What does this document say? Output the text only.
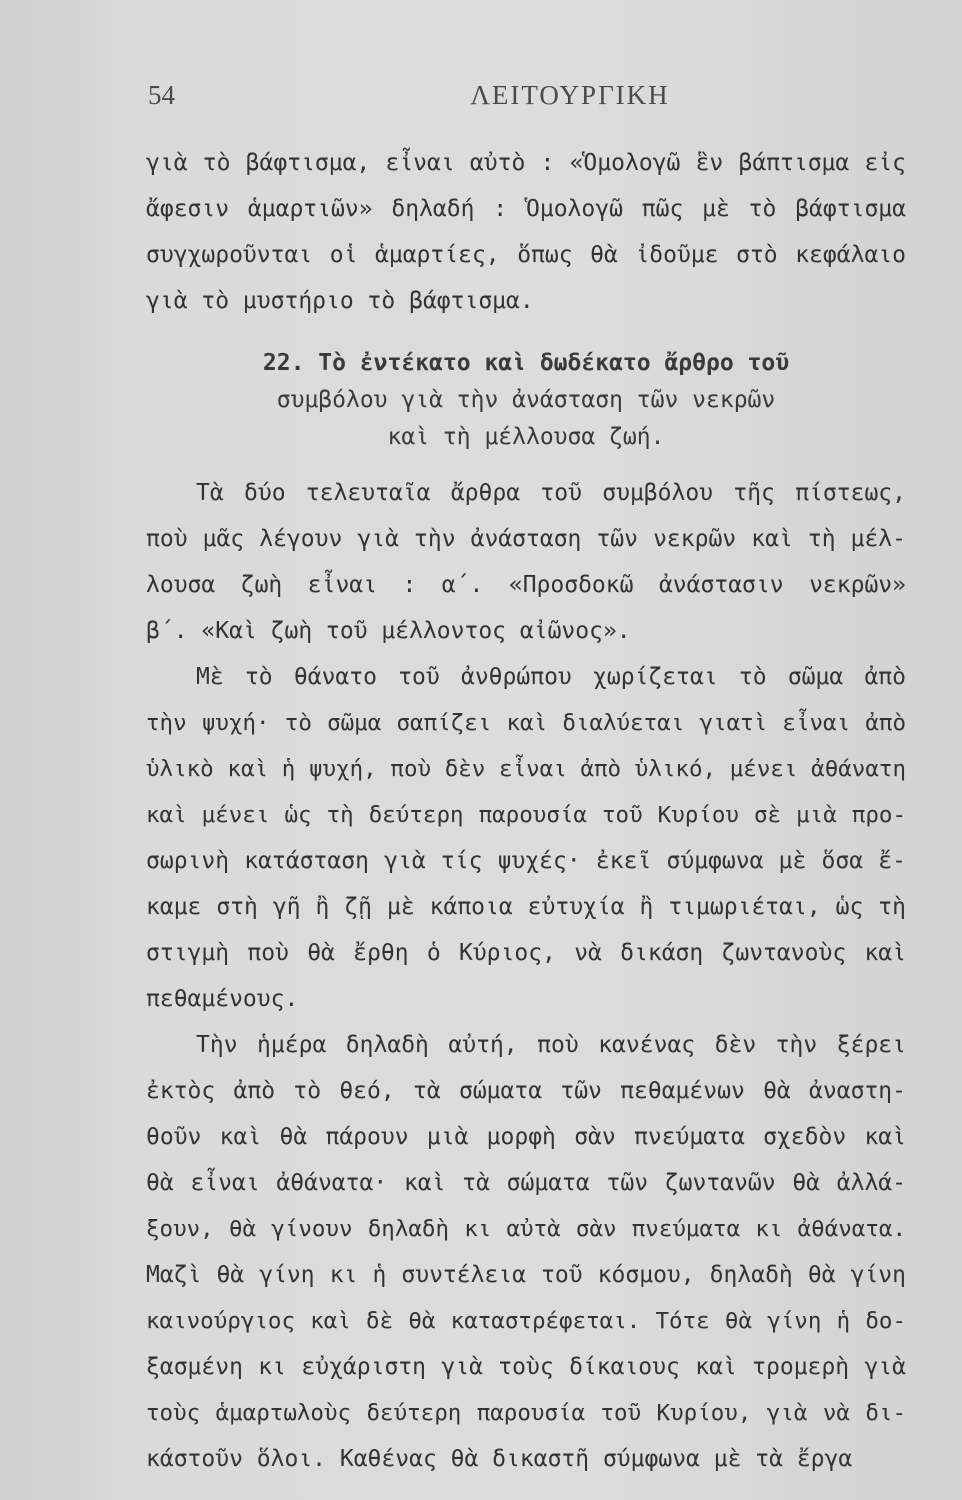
54	ΛΕΙΤΟΥΡΓΙΚΗ
γιὰ τὸ βάφτισμα, εἶναι αὐτὸ : «Ὁμολογῶ ἓν βάπτισμα εἰς
ἄφεσιν ἁμαρτιῶν» δηλαδή : Ὁμολογῶ πῶς μὲ τὸ βάφτισμα
συγχωροῦνται οἱ ἁμαρτίες, ὅπως θὰ ἰδοῦμε στὸ κεφάλαιο
γιὰ τὸ μυστήριο τὸ βάφτισμα.
22. Τὸ ἐντέκατο καὶ δωδέκατο ἄρθρο τοῦ
συμβόλου γιὰ τὴν ἀνάσταση τῶν νεκρῶν
καὶ τὴ μέλλουσα ζωή.
Τὰ δύο τελευταῖα ἄρθρα τοῦ συμβόλου τῆς πίστεως,
ποὺ μᾶς λέγουν γιὰ τὴν ἀνάσταση τῶν νεκρῶν καὶ τὴ μέλ-
λουσα ζωὴ εἶναι : α΄. «Προσδοκῶ ἀνάστασιν νεκρῶν»
β΄. «Καὶ ζωὴ τοῦ μέλλοντος αἰῶνος».
Μὲ τὸ θάνατο τοῦ ἀνθρώπου χωρίζεται τὸ σῶμα ἀπὸ
τὴν ψυχή· τὸ σῶμα σαπίζει καὶ διαλύεται γιατὶ εἶναι ἀπὸ
ὑλικὸ καὶ ἡ ψυχή, ποὺ δὲν εἶναι ἀπὸ ὑλικό, μένει ἀθάνατη
καὶ μένει ὡς τὴ δεύτερη παρουσία τοῦ Κυρίου σὲ μιὰ προ-
σωρινὴ κατάσταση γιὰ τίς ψυχές· ἐκεῖ σύμφωνα μὲ ὅσα ἔ-
καμε στὴ γῆ ἢ ζῇ μὲ κάποια εὐτυχία ἢ τιμωριέται, ὡς τὴ
στιγμὴ ποὺ θὰ ἔρθη ὁ Κύριος, νὰ δικάση ζωντανοὺς καὶ
πεθαμένους.
Τὴν ἡμέρα δηλαδὴ αὐτή, ποὺ κανένας δὲν τὴν ξέρει
ἐκτὸς ἀπὸ τὸ θεό, τὰ σώματα τῶν πεθαμένων θὰ ἀναστη-
θοῦν καὶ θὰ πάρουν μιὰ μορφὴ σὰν πνεύματα σχεδὸν καὶ
θὰ εἶναι ἀθάνατα· καὶ τὰ σώματα τῶν ζωντανῶν θὰ ἀλλά-
ξουν, θὰ γίνουν δηλαδὴ κι αὐτὰ σὰν πνεύματα κι ἀθάνατα.
Μαζὶ θὰ γίνη κι ἡ συντέλεια τοῦ κόσμου, δηλαδὴ θὰ γίνη
καινούργιος καὶ δὲ θὰ καταστρέφεται. Τότε θὰ γίνη ἡ δο-
ξασμένη κι εὐχάριστη γιὰ τοὺς δίκαιους καὶ τρομερὴ γιὰ
τοὺς ἁμαρτωλοὺς δεύτερη παρουσία τοῦ Κυρίου, γιὰ νὰ δι-
κάστοῦν ὅλοι. Καθένας θὰ δικαστῆ σύμφωνα μὲ τὰ ἔργα
